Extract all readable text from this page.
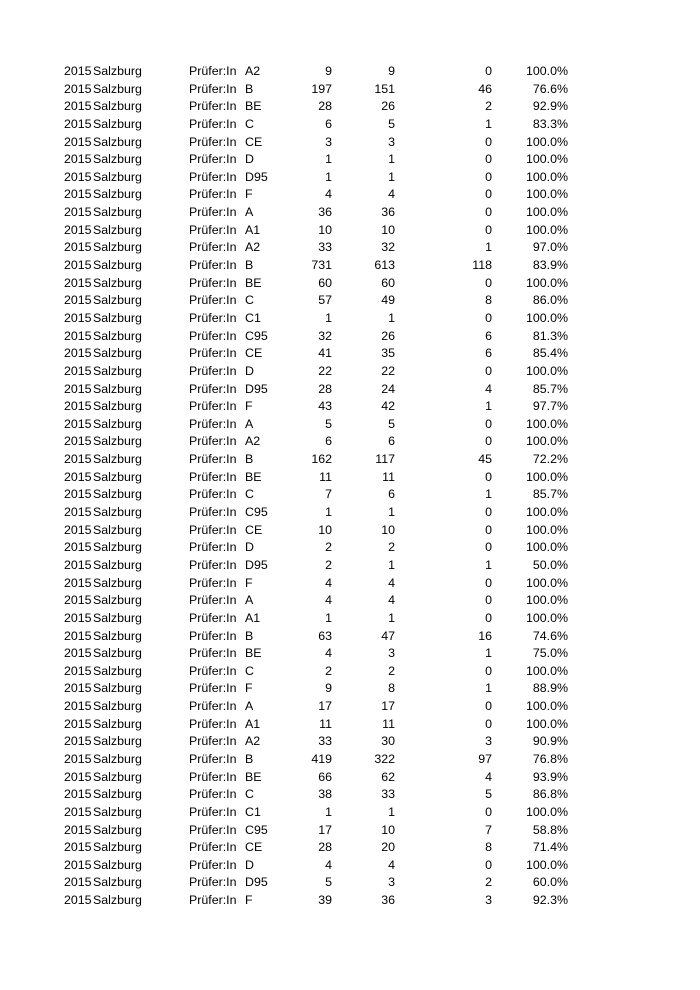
2015 Salzburg	Prüfer:In A2	9	9	0	100.0%
2015 Salzburg	Prüfer:In B	197	151	46	76.6%
2015 Salzburg	Prüfer:In BE	28	26	2	92.9%
2015 Salzburg	Prüfer:In C	6	5	1	83.3%
2015 Salzburg	Prüfer:In CE	3	3	0	100.0%
2015 Salzburg	Prüfer:In D	1	1	0	100.0%
2015 Salzburg	Prüfer:In D95	1	1	0	100.0%
2015 Salzburg	Prüfer:In F	4	4	0	100.0%
2015 Salzburg	Prüfer:In A	36	36	0	100.0%
2015 Salzburg	Prüfer:In A1	10	10	0	100.0%
2015 Salzburg	Prüfer:In A2	33	32	1	97.0%
2015 Salzburg	Prüfer:In B	731	613	118	83.9%
2015 Salzburg	Prüfer:In BE	60	60	0	100.0%
2015 Salzburg	Prüfer:In C	57	49	8	86.0%
2015 Salzburg	Prüfer:In C1	1	1	0	100.0%
2015 Salzburg	Prüfer:In C95	32	26	6	81.3%
2015 Salzburg	Prüfer:In CE	41	35	6	85.4%
2015 Salzburg	Prüfer:In D	22	22	0	100.0%
2015 Salzburg	Prüfer:In D95	28	24	4	85.7%
2015 Salzburg	Prüfer:In F	43	42	1	97.7%
2015 Salzburg	Prüfer:In A	5	5	0	100.0%
2015 Salzburg	Prüfer:In A2	6	6	0	100.0%
2015 Salzburg	Prüfer:In B	162	117	45	72.2%
2015 Salzburg	Prüfer:In BE	11	11	0	100.0%
2015 Salzburg	Prüfer:In C	7	6	1	85.7%
2015 Salzburg	Prüfer:In C95	1	1	0	100.0%
2015 Salzburg	Prüfer:In CE	10	10	0	100.0%
2015 Salzburg	Prüfer:In D	2	2	0	100.0%
2015 Salzburg	Prüfer:In D95	2	1	1	50.0%
2015 Salzburg	Prüfer:In F	4	4	0	100.0%
2015 Salzburg	Prüfer:In A	4	4	0	100.0%
2015 Salzburg	Prüfer:In A1	1	1	0	100.0%
2015 Salzburg	Prüfer:In B	63	47	16	74.6%
2015 Salzburg	Prüfer:In BE	4	3	1	75.0%
2015 Salzburg	Prüfer:In C	2	2	0	100.0%
2015 Salzburg	Prüfer:In F	9	8	1	88.9%
2015 Salzburg	Prüfer:In A	17	17	0	100.0%
2015 Salzburg	Prüfer:In A1	11	11	0	100.0%
2015 Salzburg	Prüfer:In A2	33	30	3	90.9%
2015 Salzburg	Prüfer:In B	419	322	97	76.8%
2015 Salzburg	Prüfer:In BE	66	62	4	93.9%
2015 Salzburg	Prüfer:In C	38	33	5	86.8%
2015 Salzburg	Prüfer:In C1	1	1	0	100.0%
2015 Salzburg	Prüfer:In C95	17	10	7	58.8%
2015 Salzburg	Prüfer:In CE	28	20	8	71.4%
2015 Salzburg	Prüfer:In D	4	4	0	100.0%
2015 Salzburg	Prüfer:In D95	5	3	2	60.0%
2015 Salzburg	Prüfer:In F	39	36	3	92.3%
